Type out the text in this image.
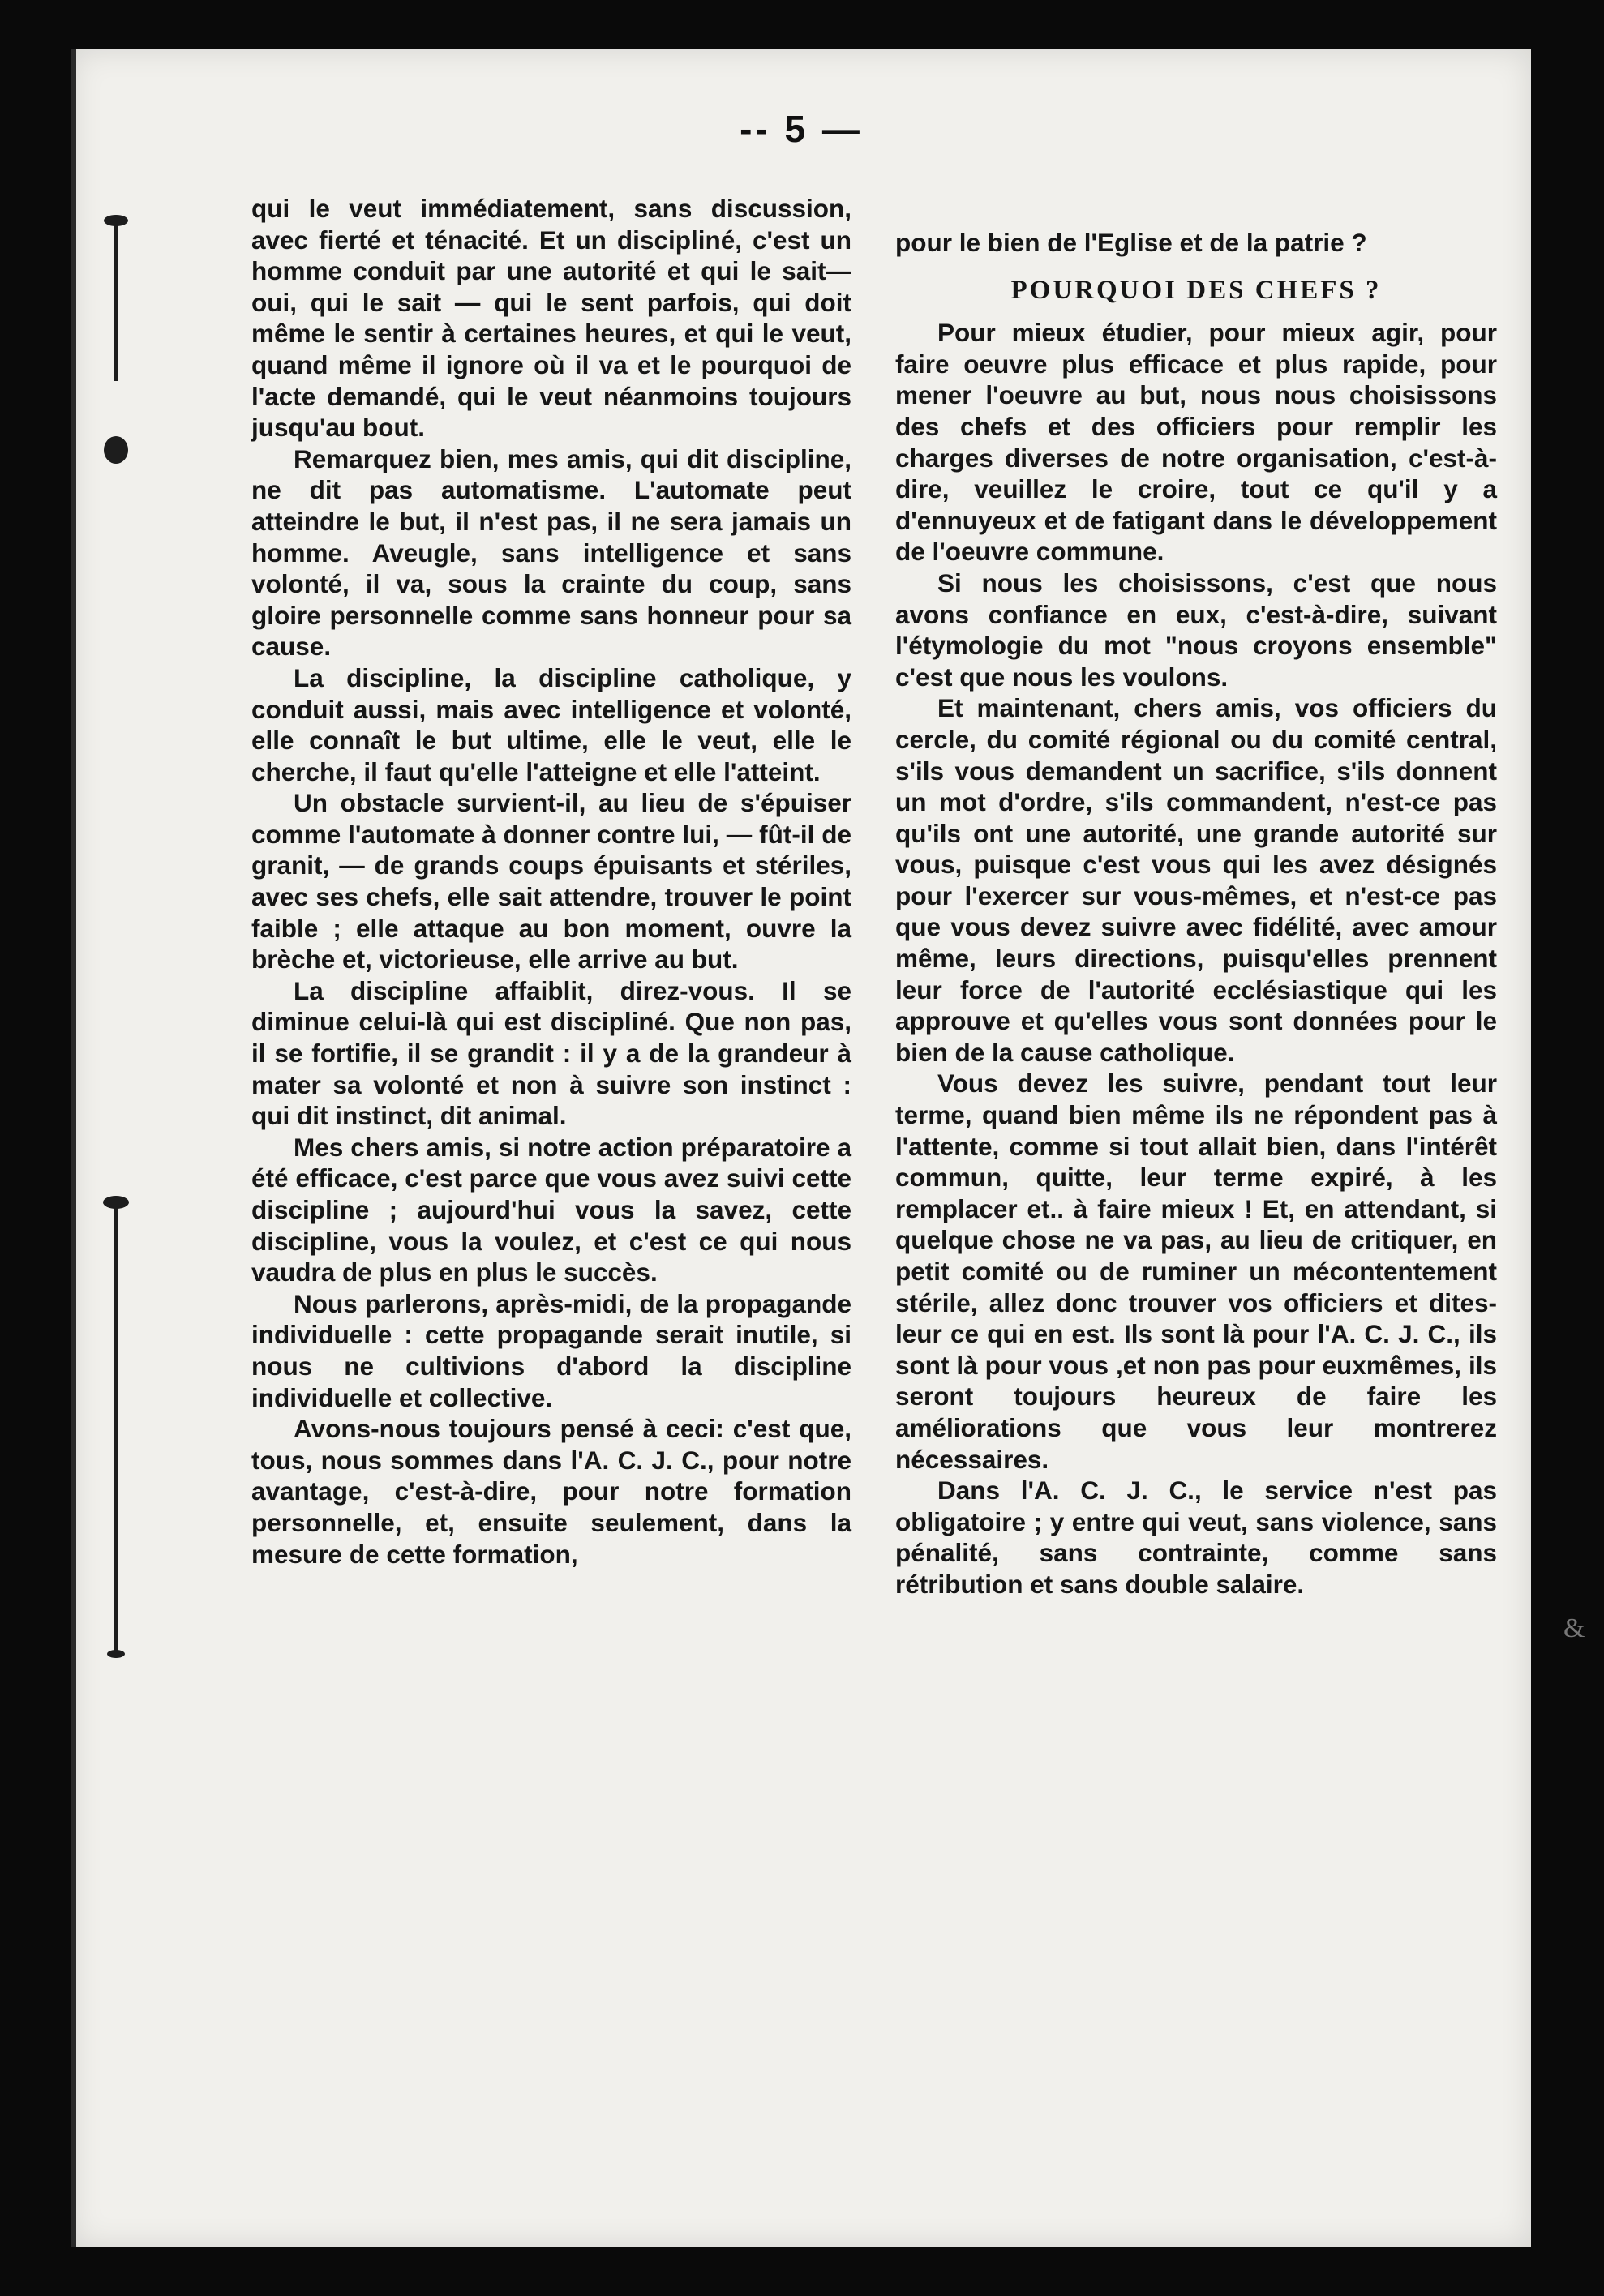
-- 5 —

qui le veut immédiatement, sans discussion, avec fierté et ténacité. Et un discipliné, c'est un homme conduit par une autorité et qui le sait— oui, qui le sait — qui le sent parfois, qui doit même le sentir à certaines heures, et qui le veut, quand même il ignore où il va et le pourquoi de l'acte demandé, qui le veut néanmoins toujours jusqu'au bout.

Remarquez bien, mes amis, qui dit discipline, ne dit pas automatisme. L'automate peut atteindre le but, il n'est pas, il ne sera jamais un homme. Aveugle, sans intelligence et sans volonté, il va, sous la crainte du coup, sans gloire personnelle comme sans honneur pour sa cause.

La discipline, la discipline catholique, y conduit aussi, mais avec intelligence et volonté, elle connaît le but ultime, elle le veut, elle le cherche, il faut qu'elle l'atteigne et elle l'atteint.

Un obstacle survient-il, au lieu de s'épuiser comme l'automate à donner contre lui, — fût-il de granit, — de grands coups épuisants et stériles, avec ses chefs, elle sait attendre, trouver le point faible ; elle attaque au bon moment, ouvre la brèche et, victorieuse, elle arrive au but.

La discipline affaiblit, direz-vous. Il se diminue celui-là qui est discipliné. Que non pas, il se fortifie, il se grandit : il y a de la grandeur à mater sa volonté et non à suivre son instinct : qui dit instinct, dit animal.

Mes chers amis, si notre action préparatoire a été efficace, c'est parce que vous avez suivi cette discipline ; aujourd'hui vous la savez, cette discipline, vous la voulez, et c'est ce qui nous vaudra de plus en plus le succès.

Nous parlerons, après-midi, de la propagande individuelle : cette propagande serait inutile, si nous ne cultivions d'abord la discipline individuelle et collective.

Avons-nous toujours pensé à ceci: c'est que, tous, nous sommes dans l'A. C. J. C., pour notre avantage, c'est-à-dire, pour notre formation personnelle, et, ensuite seulement, dans la mesure de cette formation,

pour le bien de l'Eglise et de la patrie ?

POURQUOI DES CHEFS ?

Pour mieux étudier, pour mieux agir, pour faire oeuvre plus efficace et plus rapide, pour mener l'oeuvre au but, nous nous choisissons des chefs et des officiers pour remplir les charges diverses de notre organisation, c'est-à-dire, veuillez le croire, tout ce qu'il y a d'ennuyeux et de fatigant dans le développement de l'oeuvre commune.

Si nous les choisissons, c'est que nous avons confiance en eux, c'est-à-dire, suivant l'étymologie du mot "nous croyons ensemble" c'est que nous les voulons.

Et maintenant, chers amis, vos officiers du cercle, du comité régional ou du comité central, s'ils vous demandent un sacrifice, s'ils donnent un mot d'ordre, s'ils commandent, n'est-ce pas qu'ils ont une autorité, une grande autorité sur vous, puisque c'est vous qui les avez désignés pour l'exercer sur vous-mêmes, et n'est-ce pas que vous devez suivre avec fidélité, avec amour même, leurs directions, puisqu'elles prennent leur force de l'autorité ecclésiastique qui les approuve et qu'elles vous sont données pour le bien de la cause catholique.

Vous devez les suivre, pendant tout leur terme, quand bien même ils ne répondent pas à l'attente, comme si tout allait bien, dans l'intérêt commun, quitte, leur terme expiré, à les remplacer et.. à faire mieux ! Et, en attendant, si quelque chose ne va pas, au lieu de critiquer, en petit comité ou de ruminer un mécontentement stérile, allez donc trouver vos officiers et dites-leur ce qui en est. Ils sont là pour l'A. C. J. C., ils sont là pour vous ,et non pas pour euxmêmes, ils seront toujours heureux de faire les améliorations que vous leur montrerez nécessaires.

Dans l'A. C. J. C., le service n'est pas obligatoire ; y entre qui veut, sans violence, sans pénalité, sans contrainte, comme sans rétribution et sans double salaire.

&
